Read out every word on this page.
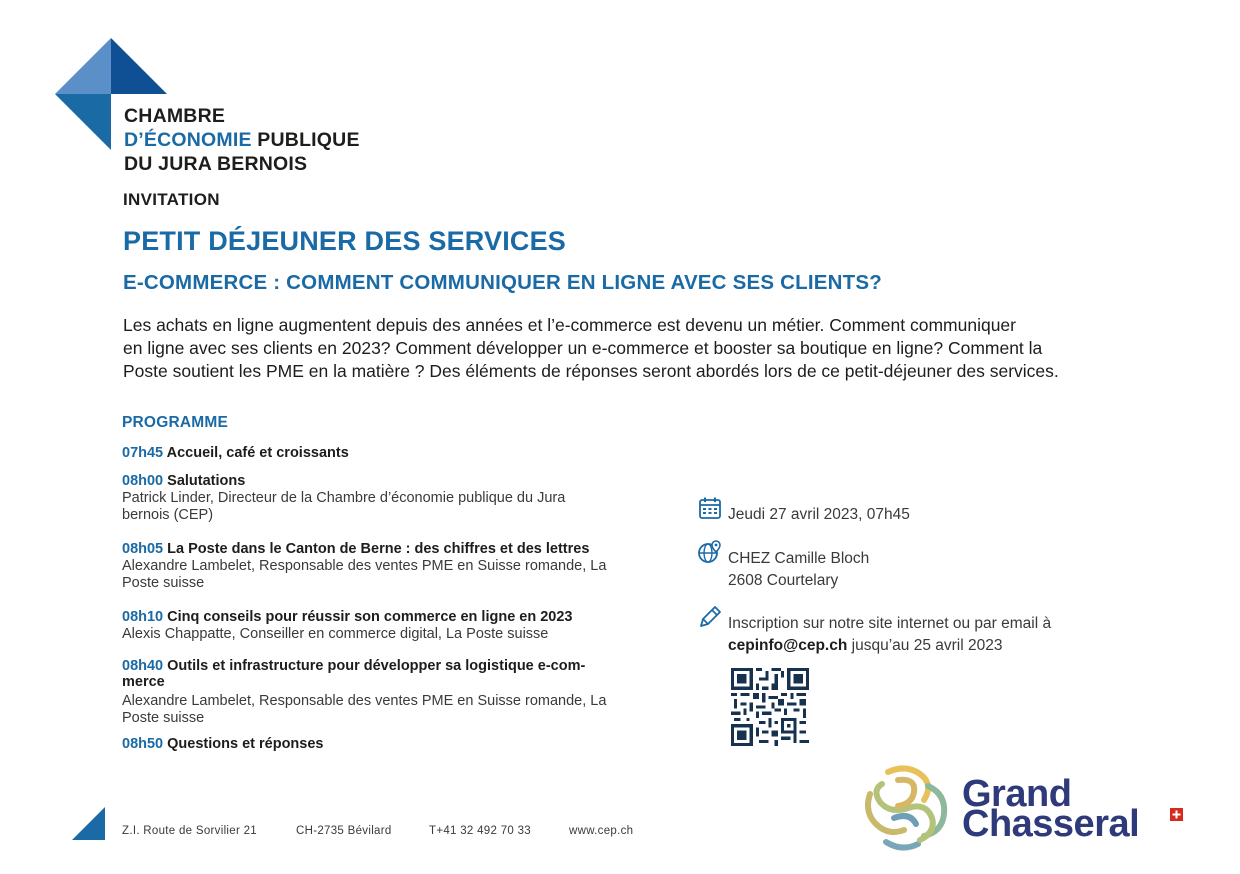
CHAMBRE
D’ÉCONOMIE PUBLIQUE
DU JURA BERNOIS
INVITATION
PETIT DÉJEUNER DES SERVICES
E-COMMERCE : COMMENT COMMUNIQUER EN LIGNE AVEC SES CLIENTS?
Les achats en ligne augmentent depuis des années et l’e-commerce est devenu un métier. Comment communiquer
en ligne avec ses clients en 2023? Comment développer un e-commerce et booster sa boutique en ligne? Comment la
Poste soutient les PME en la matière ? Des éléments de réponses seront abordés lors de ce petit-déjeuner des services.
PROGRAMME
07h45 Accueil, café et croissants
08h00 Salutations
Patrick Linder, Directeur de la Chambre d’économie publique du Jura bernois (CEP)
08h05 La Poste dans le Canton de Berne : des chiffres et des lettres
Alexandre Lambelet, Responsable des ventes PME en Suisse romande, La Poste suisse
08h10 Cinq conseils pour réussir son commerce en ligne en 2023
Alexis Chappatte, Conseiller en commerce digital, La Poste suisse
08h40 Outils et infrastructure pour développer sa logistique e-com-merce
Alexandre Lambelet, Responsable des ventes PME en Suisse romande, La Poste suisse
08h50 Questions et réponses
Jeudi 27 avril 2023, 07h45
CHEZ Camille Bloch
2608 Courtelary
Inscription sur notre site internet ou par email à
cepinfo@cep.ch jusqu’au 25 avril 2023
Z.I. Route de Sorvilier 21	CH-2735 Bévilard	T+41 32 492 70 33	www.cep.ch
Grand
Chasseral
